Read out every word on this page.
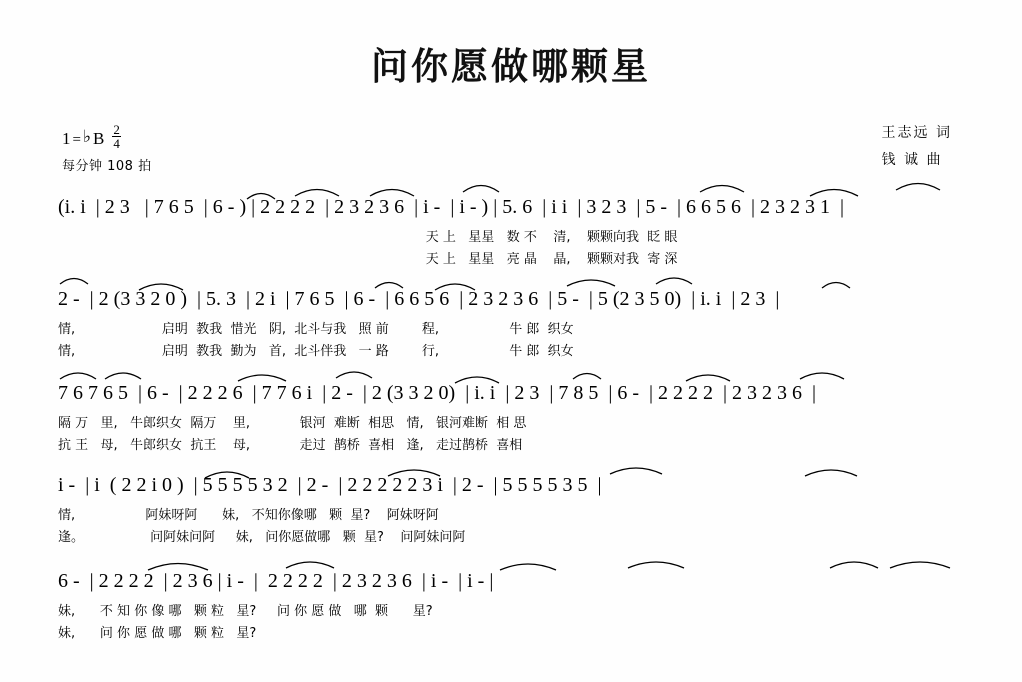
问你愿做哪颗星
1 = ♭ B $\frac{2}{4}$
每分钟 108 拍
王志远 词
钱 诚 曲
(i. i  | 2 3   | 7 6 5  | 6 - ) | 2 2 2 2  | 2 3 2 3 6  | i -  | i - ) | 5. 6  | i i  | 3 2 3  | 5 -  | 6 6 5 6  | 2 3 2 3 1  |
天 上   星星   数 不    清,    颗颗向我  眨 眼
天 上   星星   亮 晶    晶,    颗颗对我  寄 深
2 -  | 2 (3 3 2 0 )  | 5. 3  | 2 i  | 7 6 5  | 6 -  | 6 6 5 6  | 2 3 2 3 6  | 5 -  | 5 (2 3 5 0)  | i. i  | 2 3  |
情,                     启明  教我  惜光   阴,  北斗与我   照 前        程,                 牛 郎  织女
情,                     启明  教我  勤为   首,  北斗伴我   一 路        行,                 牛 郎  织女
7 6 7 6 5  | 6 -  | 2 2 2 6  | 7 7 6 i  | 2 -  | 2 (3 3 2 0)  | i. i  | 2 3  | 7 8 5  | 6 -  | 2 2 2 2  | 2 3 2 3 6  |
隔 万   里,   牛郎织女  隔万    里,            银河  难断  相思   情,   银河难断  相 思
抗 王   母,   牛郎织女  抗王    母,            走过  鹊桥  喜相   逢,   走过鹊桥  喜相
i -  | i  ( 2 2 i 0 )  | 5 5 5 5 3 2  | 2 -  | 2 2 2 2 2 3 i  | 2 -  | 5 5 5 5 3 5  |
情,                 阿妹呀阿      妹,   不知你像哪   颗  星?    阿妹呀阿
逢。                问阿妹问阿     妹,   问你愿做哪   颗  星?    问阿妹问阿
6 -  | 2 2 2 2  | 2 3 6 | i -  |  2 2 2 2  | 2 3 2 3 6  | i -  | i - |
妹,      不 知 你 像 哪   颗 粒   星?     问 你 愿 做   哪  颗      星?
妹,      问 你 愿 做 哪   颗 粒   星?
